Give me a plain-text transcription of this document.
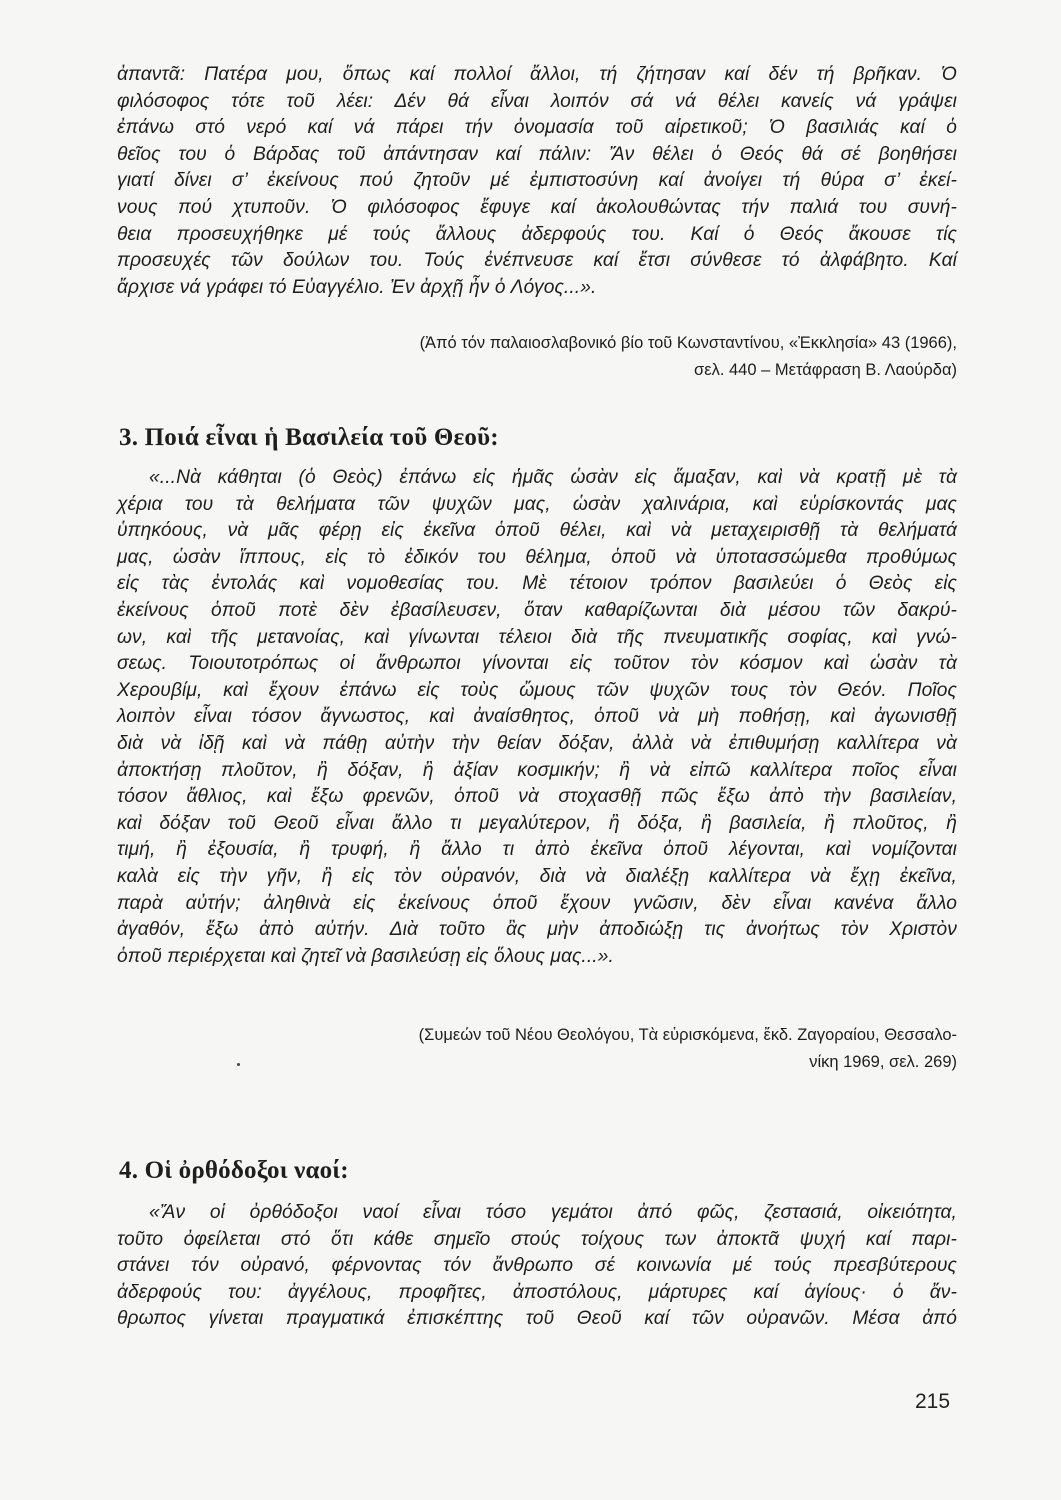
ἀπαντᾶ: Πατέρα μου, ὅπως καί πολλοί ἄλλοι, τή ζήτησαν καί δέν τή βρῆκαν. Ὁ
φιλόσοφος τότε τοῦ λέει: Δέν θά εἶναι λοιπόν σά νά θέλει κανείς νά γράψει
ἐπάνω στό νερό καί νά πάρει τήν ὀνομασία τοῦ αἱρετικοῦ; Ὁ βασιλιάς καί ὁ
θεῖος του ὁ Βάρδας τοῦ ἀπάντησαν καί πάλιν: Ἄν θέλει ὁ Θεός θά σέ βοηθήσει
γιατί δίνει σ’ ἐκείνους πού ζητοῦν μέ ἐμπιστοσύνη καί ἀνοίγει τή θύρα σ’ ἐκεί-
νους πού χτυποῦν. Ὁ φιλόσοφος ἔφυγε καί ἀκολουθώντας τήν παλιά του συνή-
θεια προσευχήθηκε μέ τούς ἄλλους ἀδερφούς του. Καί ὁ Θεός ἄκουσε τίς
προσευχές τῶν δούλων του. Τούς ἐνέπνευσε καί ἔτσι σύνθεσε τό ἀλφάβητο. Καί
ἄρχισε νά γράφει τό Εὐαγγέλιο. Ἐν ἀρχῇ ἦν ὁ Λόγος...».
(Ἀπό τόν παλαιοσλαβονικό βίο τοῦ Κωνσταντίνου, «Ἐκκλησία» 43 (1966),
σελ. 440 – Μετάφραση Β. Λαούρδα)
3. Ποιά εἶναι ἡ Βασιλεία τοῦ Θεοῦ:
«...Νὰ κάθηται (ὁ Θεὸς) ἐπάνω εἰς ἡμᾶς ὡσὰν εἰς ἅμαξαν, καὶ νὰ κρατῇ μὲ τὰ
χέρια του τὰ θελήματα τῶν ψυχῶν μας, ὡσὰν χαλινάρια, καὶ εὑρίσκοντάς μας
ὑπηκόους, νὰ μᾶς φέρῃ εἰς ἐκεῖνα ὁποῦ θέλει, καὶ νὰ μεταχειρισθῇ τὰ θελήματά
μας, ὡσὰν ἵππους, εἰς τὸ ἐδικόν του θέλημα, ὁποῦ νὰ ὑποτασσώμεθα προθύμως
εἰς τὰς ἐντολάς καὶ νομοθεσίας του. Μὲ τέτοιον τρόπον βασιλεύει ὁ Θεὸς εἰς
ἐκείνους ὁποῦ ποτὲ δὲν ἐβασίλευσεν, ὅταν καθαρίζωνται διὰ μέσου τῶν δακρύ-
ων, καὶ τῆς μετανοίας, καὶ γίνωνται τέλειοι διὰ τῆς πνευματικῆς σοφίας, καὶ γνώ-
σεως. Τοιουτοτρόπως οἱ ἄνθρωποι γίνονται εἰς τοῦτον τὸν κόσμον καὶ ὡσὰν τὰ
Χερουβίμ, καὶ ἔχουν ἐπάνω εἰς τοὺς ὤμους τῶν ψυχῶν τους τὸν Θεόν. Ποῖος
λοιπὸν εἶναι τόσον ἄγνωστος, καὶ ἀναίσθητος, ὁποῦ νὰ μὴ ποθήσῃ, καὶ ἀγωνισθῇ
διὰ νὰ ἰδῇ καὶ νὰ πάθῃ αὐτὴν τὴν θείαν δόξαν, ἀλλὰ νὰ ἐπιθυμήσῃ καλλίτερα νὰ
ἀποκτήσῃ πλοῦτον, ἢ δόξαν, ἢ ἀξίαν κοσμικήν; ἢ νὰ εἰπῶ καλλίτερα ποῖος εἶναι
τόσον ἄθλιος, καὶ ἔξω φρενῶν, ὁποῦ νὰ στοχασθῇ πῶς ἔξω ἀπὸ τὴν βασιλείαν,
καὶ δόξαν τοῦ Θεοῦ εἶναι ἄλλο τι μεγαλύτερον, ἢ δόξα, ἢ βασιλεία, ἢ πλοῦτος, ἢ
τιμή, ἢ ἐξουσία, ἢ τρυφή, ἢ ἄλλο τι ἀπὸ ἐκεῖνα ὁποῦ λέγονται, καὶ νομίζονται
καλὰ εἰς τὴν γῆν, ἢ εἰς τὸν οὐρανόν, διὰ νὰ διαλέξῃ καλλίτερα νὰ ἔχῃ ἐκεῖνα,
παρὰ αὐτήν; ἀληθινὰ εἰς ἐκείνους ὁποῦ ἔχουν γνῶσιν, δὲν εἶναι κανένα ἄλλο
ἀγαθόν, ἔξω ἀπὸ αὐτήν. Διὰ τοῦτο ἂς μὴν ἀποδιώξῃ τις ἀνοήτως τὸν Χριστὸν
ὁποῦ περιέρχεται καὶ ζητεῖ νὰ βασιλεύσῃ εἰς ὅλους μας...».
(Συμεών τοῦ Νέου Θεολόγου, Τὰ εὑρισκόμενα, ἔκδ. Ζαγοραίου, Θεσσαλο-
νίκη 1969, σελ. 269)
4. Οἱ ὀρθόδοξοι ναοί:
«Ἄν οἱ ὀρθόδοξοι ναοί εἶναι τόσο γεμάτοι ἀπό φῶς, ζεστασιά, οἰκειότητα,
τοῦτο ὀφείλεται στό ὅτι κάθε σημεῖο στούς τοίχους των ἀποκτᾶ ψυχή καί παρι-
στάνει τόν οὐρανό, φέρνοντας τόν ἄνθρωπο σέ κοινωνία μέ τούς πρεσβύτερους
ἀδερφούς του: ἀγγέλους, προφῆτες, ἀποστόλους, μάρτυρες καί ἁγίους· ὁ ἄν-
θρωπος γίνεται πραγματικά ἐπισκέπτης τοῦ Θεοῦ καί τῶν οὐρανῶν. Μέσα ἀπό
215
